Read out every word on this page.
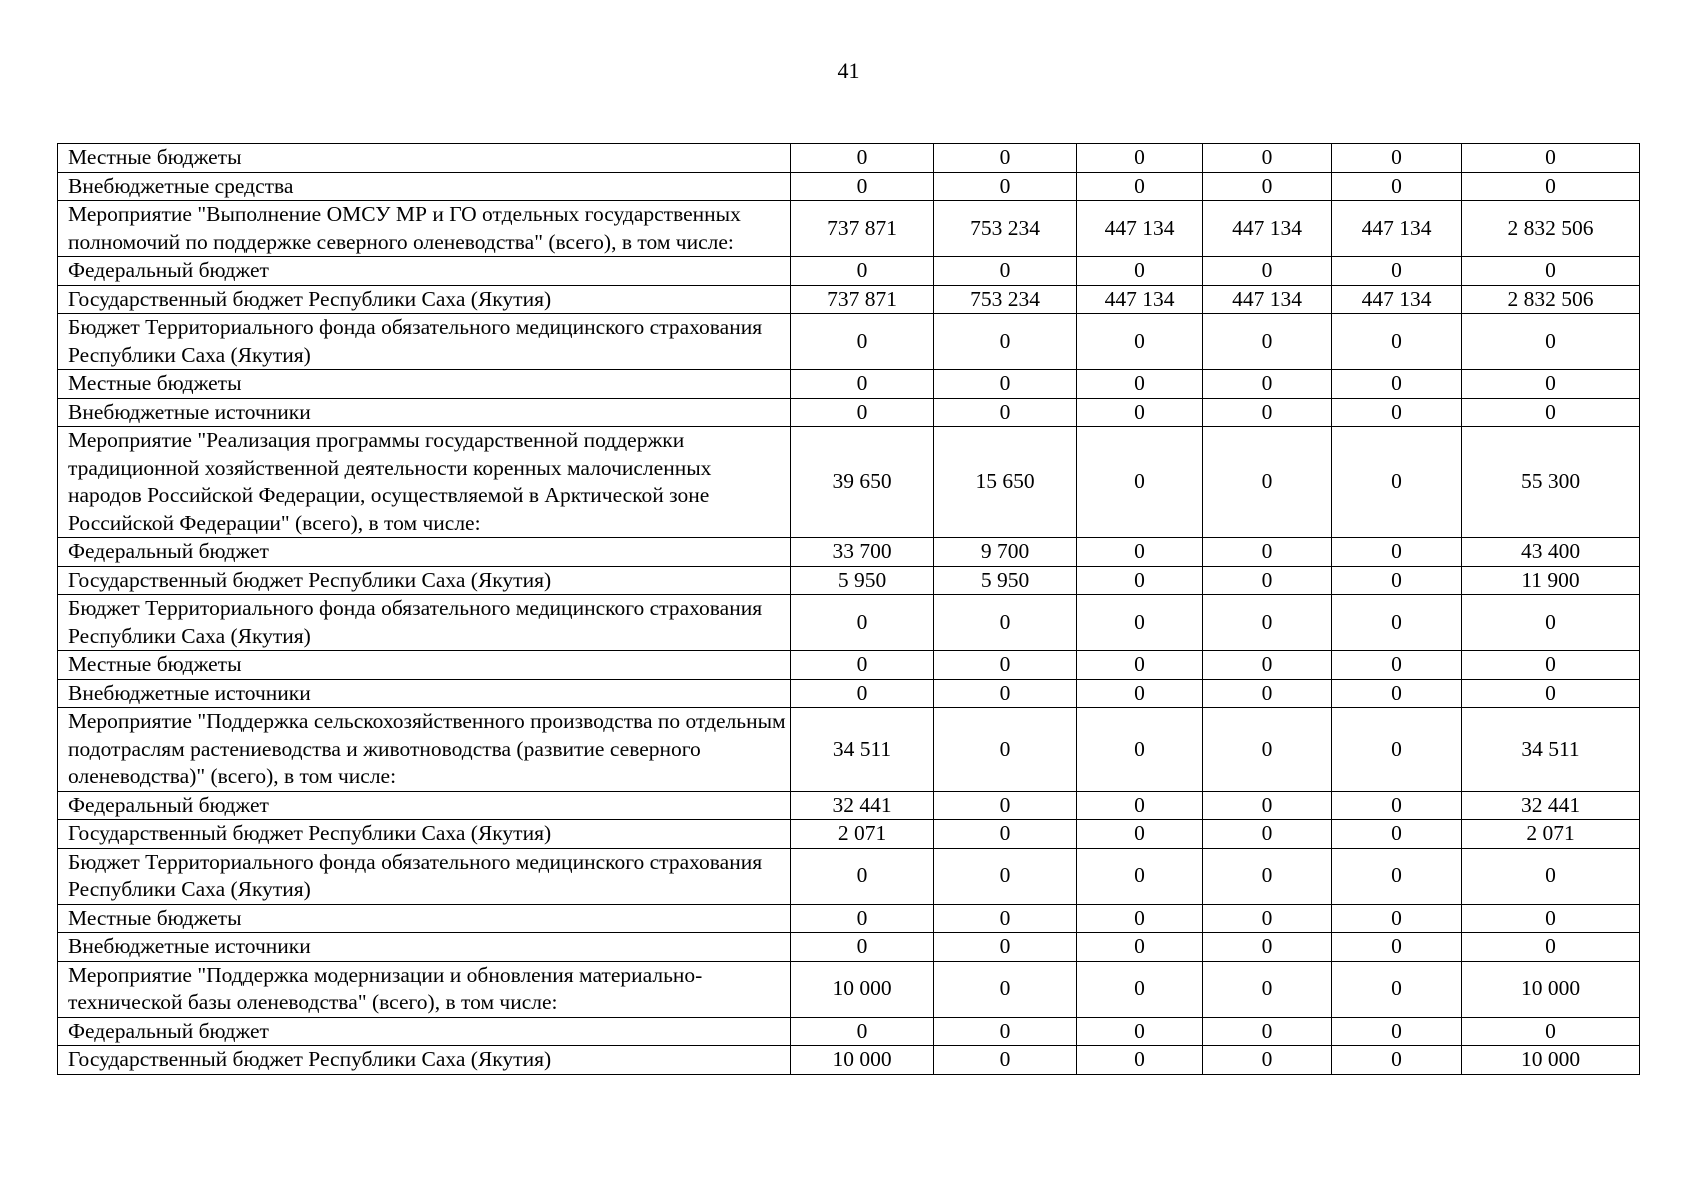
41
Местные бюджеты	0	0	0	0	0	0
Внебюджетные средства	0	0	0	0	0	0
Мероприятие "Выполнение ОМСУ МР и ГО отдельных государственных полномочий по поддержке северного оленеводства" (всего), в том числе:	737 871	753 234	447 134	447 134	447 134	2 832 506
Федеральный бюджет	0	0	0	0	0	0
Государственный бюджет Республики Саха (Якутия)	737 871	753 234	447 134	447 134	447 134	2 832 506
Бюджет Территориального фонда обязательного медицинского страхования Республики Саха (Якутия)	0	0	0	0	0	0
Местные бюджеты	0	0	0	0	0	0
Внебюджетные источники	0	0	0	0	0	0
Мероприятие "Реализация программы государственной поддержки традиционной хозяйственной деятельности коренных малочисленных народов Российской Федерации, осуществляемой в Арктической зоне Российской Федерации" (всего), в том числе:	39 650	15 650	0	0	0	55 300
Федеральный бюджет	33 700	9 700	0	0	0	43 400
Государственный бюджет Республики Саха (Якутия)	5 950	5 950	0	0	0	11 900
Бюджет Территориального фонда обязательного медицинского страхования Республики Саха (Якутия)	0	0	0	0	0	0
Местные бюджеты	0	0	0	0	0	0
Внебюджетные источники	0	0	0	0	0	0
Мероприятие "Поддержка сельскохозяйственного производства по отдельным подотраслям растениеводства и животноводства (развитие северного оленеводства)" (всего), в том числе:	34 511	0	0	0	0	34 511
Федеральный бюджет	32 441	0	0	0	0	32 441
Государственный бюджет Республики Саха (Якутия)	2 071	0	0	0	0	2 071
Бюджет Территориального фонда обязательного медицинского страхования Республики Саха (Якутия)	0	0	0	0	0	0
Местные бюджеты	0	0	0	0	0	0
Внебюджетные источники	0	0	0	0	0	0
Мероприятие "Поддержка модернизации и обновления материально-технической базы оленеводства" (всего), в том числе:	10 000	0	0	0	0	10 000
Федеральный бюджет	0	0	0	0	0	0
Государственный бюджет Республики Саха (Якутия)	10 000	0	0	0	0	10 000
